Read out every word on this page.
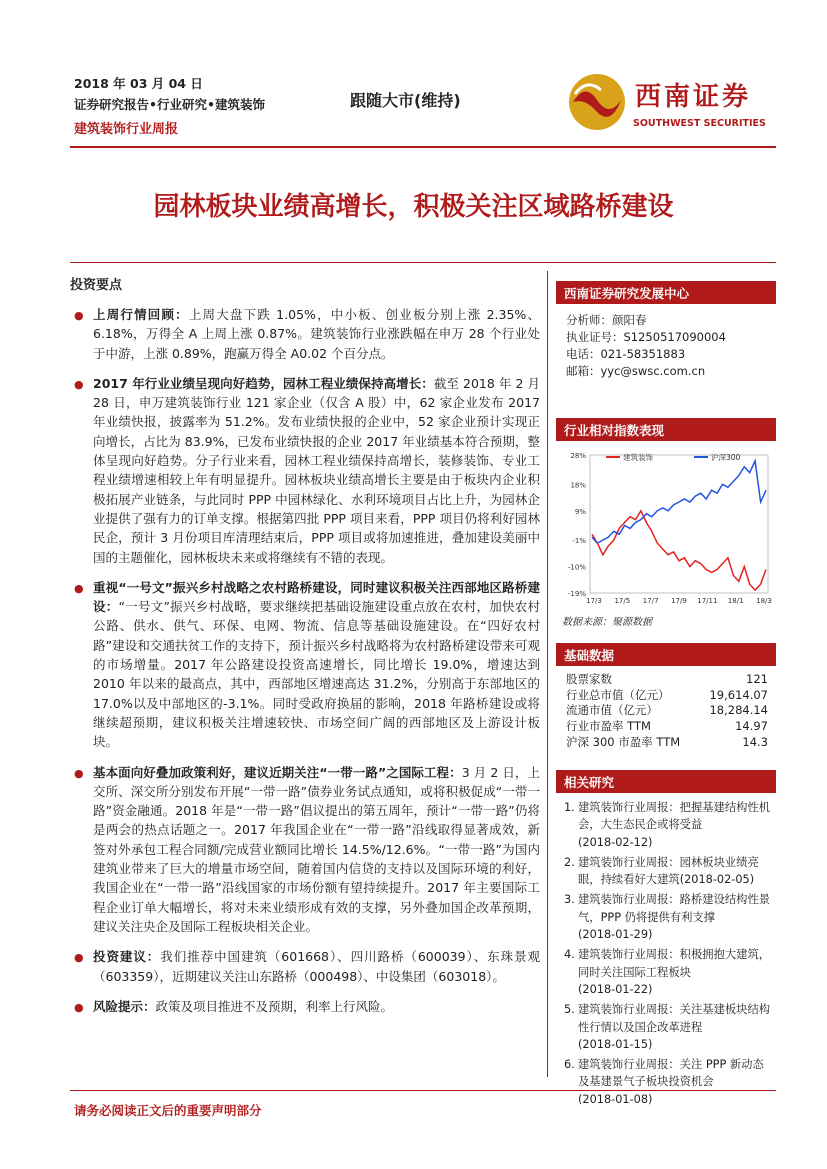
2018 年 03 月 04 日
证券研究报告•行业研究•建筑装饰
建筑装饰行业周报
跟随大市(维持)	西南证券
SOUTHWEST SECURITIES
园林板块业绩高增长，积极关注区域路桥建设
投资要点
● 上周行情回顾：上周大盘下跌 1.05%，中小板、创业板分别上涨 2.35%、6.18%，万得全 A 上周上涨 0.87%。建筑装饰行业涨跌幅在申万 28 个行业处于中游，上涨 0.89%，跑赢万得全 A0.02 个百分点。
● 2017 年行业业绩呈现向好趋势，园林工程业绩保持高增长：截至 2018 年 2 月 28 日，申万建筑装饰行业 121 家企业（仅含 A 股）中，62 家企业发布 2017 年业绩快报，披露率为 51.2%。发布业绩快报的企业中，52 家企业预计实现正向增长，占比为 83.9%，已发布业绩快报的企业 2017 年业绩基本符合预期，整体呈现向好趋势。分子行业来看，园林工程业绩保持高增长，装修装饰、专业工程业绩增速相较上年有明显提升。园林板块业绩高增长主要是由于板块内企业积极拓展产业链条，与此同时 PPP 中园林绿化、水利环境项目占比上升，为园林企业提供了强有力的订单支撑。根据第四批 PPP 项目来看，PPP 项目仍将利好园林民企，预计 3 月份项目库清理结束后，PPP 项目或将加速推进，叠加建设美丽中国的主题催化，园林板块未来或将继续有不错的表现。
● 重视“一号文”振兴乡村战略之农村路桥建设，同时建议积极关注西部地区路桥建设：“一号文”振兴乡村战略，要求继续把基础设施建设重点放在农村，加快农村公路、供水、供气、环保、电网、物流、信息等基础设施建设。在“四好农村路”建设和交通扶贫工作的支持下，预计振兴乡村战略将为农村路桥建设带来可观的市场增量。2017 年公路建设投资高速增长，同比增长 19.0%，增速达到 2010 年以来的最高点，其中，西部地区增速高达 31.2%，分别高于东部地区的 17.0%以及中部地区的-3.1%。同时受政府换届的影响，2018 年路桥建设或将继续超预期，建议积极关注增速较快、市场空间广阔的西部地区及上游设计板块。
● 基本面向好叠加政策利好，建议近期关注“一带一路”之国际工程：3 月 2 日，上交所、深交所分别发布开展“一带一路”债券业务试点通知，或将积极促成“一带一路”资金融通。2018 年是“一带一路”倡议提出的第五周年，预计“一带一路”仍将是两会的热点话题之一。2017 年我国企业在“一带一路”沿线取得显著成效，新签对外承包工程合同额/完成营业额同比增长 14.5%/12.6%。“一带一路”为国内建筑业带来了巨大的增量市场空间，随着国内信贷的支持以及国际环境的利好，我国企业在“一带一路”沿线国家的市场份额有望持续提升。2017 年主要国际工程企业订单大幅增长，将对未来业绩形成有效的支撑，另外叠加国企改革预期，建议关注央企及国际工程板块相关企业。
● 投资建议：我们推荐中国建筑（601668）、四川路桥（600039）、东珠景观（603359），近期建议关注山东路桥（000498）、中设集团（603018）。
● 风险提示：政策及项目推进不及预期，利率上行风险。
西南证券研究发展中心
分析师：颜阳春
执业证号：S1250517090004
电话：021-58351883
邮箱：yyc@swsc.com.cn
行业相对指数表现
28%
18%
9%
-1%
-10%
-19%
17/3 17/5 17/7 17/9 17/11 18/1 18/3
建筑装饰	沪深300
数据来源：聚源数据
基础数据
股票家数	121
行业总市值（亿元）	19,614.07
流通市值（亿元）	18,284.14
行业市盈率 TTM	14.97
沪深 300 市盈率 TTM	14.3
相关研究
1. 建筑装饰行业周报：把握基建结构性机会，大生态民企或将受益
(2018-02-12)
2. 建筑装饰行业周报：园林板块业绩亮眼，持续看好大建筑(2018-02-05)
3. 建筑装饰行业周报：路桥建设结构性景气，PPP 仍将提供有利支撑
(2018-01-29)
4. 建筑装饰行业周报：积极拥抱大建筑，同时关注国际工程板块
(2018-01-22)
5. 建筑装饰行业周报：关注基建板块结构性行情以及国企改革进程
(2018-01-15)
6. 建筑装饰行业周报：关注 PPP 新动态及基建景气子板块投资机会
(2018-01-08)
请务必阅读正文后的重要声明部分
